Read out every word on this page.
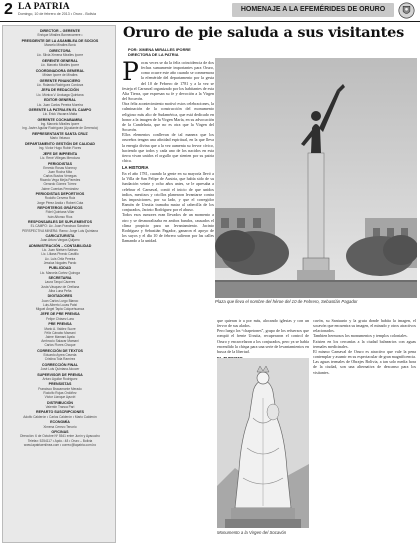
2 LA PATRIA
Domingo, 10 de febrero de 2013 • Oruro - Bolivia
HOMENAJE A LA EFEMÉRIDES DE ORURO
DIRECTOR – GERENTE
Enrique Miralles Bonnecarrere ▪
PRESIDENTE DE LA ASAMBLEA DE SOCIOS
Marcelo Miralles Bová
DIRECTORA
Lic. Silvia Ximena Miralles Iporre
GERENTE GENERAL
Lic. Marcelo Miralles Iporre
COORDINADORA GENERAL
Miriam Iporre de Miralles
GERENTE FINANCIERO
Lic. Rolando Rodríguez Cordova
JEFA DE REDACCIÓN
Lic. Mónica V. Anduaga Quintana
EDITOR GENERAL
Lic. Juan Carlos Pereira Moreira
GERENTE LA PATRIA EN EL CAMPO
Lic. Erick Viscarra Maita
GERENTE COCHABAMBA
Ing. Marcelo Miralles Iporre
Ing. Javier Aguilar Rodríguez (Ayudante de Gerencia)
REPRESENTANTE SANTA CRUZ
Mario Velasco
DEPARTAMENTO GESTIÓN DE CALIDAD
Ing. Víctor Hugo Rubín Flores
JEFE DE IMPRENTA
Lic. René Villegas Mendoza
PERIODISTAS
Ernesto Rosas Monrroy
Juan Rocha Mita
Carlos Bustos Venegas
Ricardo Vega Mejía Paredes
Gerardo Gómez Tórrez
Jaime Cuentas Fernández
PERIODISTAS DEPORTIVOS
Rodolfo Cervera Ruiz
Jorge Pérez Andía • Robert Cota
REPORTEROS GRÁFICOS
Fidel Quintana Villar
Iván Alfonso Ríos
RESPONSABLES DE SUPLEMENTOS
EL CAMPO: Lic. Juan Francisco Sánchez
PERSPECTIVA MINERA: Ramo: Jorge Luis Quintana
CARICATURISTA
Juan Arturo Vargas Quijarro
ADMINISTRACIÓN – CONTABILIDAD
Lic. Juan Nielsen Salinas
Lic. Liliana Pinedo Castillo
Lic. Luis Ortiz Pereira
Jessica Nogales Pardo
PUBLICIDAD
Lic. Marcela Cortez Quiroga
SECRETARIA
Laura Tarqui Cáceres
Justa Vásquez de Orellana
Alba Luna Peña
DIGITADORES
Juan Carlos Lurgo Blanco
Luis Alberto Lucas Patzi
Miguel Ángel Tapia Colquehuanca
JEFE DE PRE PRENSA
Felipe Chávez Lara
PRE PRENSA
Mario A. Valdez Sucre
Félix Cánabo Mamani
Jaime Mamani Ayala
Ambrocio Salazar Mamani
Carlos Flores Choque
CORRECCIÓN DE TEXTOS
Eduardo Ayrea Caveda
Cristina Tola Ramírez
CORRECCIÓN FINAL
José Luis Quintana Alcocer
SUPERVISOR DE PRENSA
Arturo Aguilar Rodríguez
PRENSISTAS
Francisco Bracamonte Merado
Rodolfo Rojas Ordóñez
Víctor Llanque Ayuviri
DISTRIBUCIÓN
Valentín Tranca Pari
REPARTO SUSCRIPCIONES
Adolfo Calderón • Carlos Calderón • Mario Calderón
ECONOMÍA
Ximena Cerezo Tenorio
OFICINAS
Dirección: 6 de Octubre Nº 5541 entre Junín y Ayacucho
Telefax: 5254117 • Apdo.: 48 • Oruro – Bolivia
www.lapatriaenlinea.com • correo@lapatria.com.bo
Oruro de pie saluda a sus visitantes
POR: XIMENA MIRALLES IPORRE
DIRECTORA DE LA PATRIA

Pocas veces se da la feliz coincidencia de dos fechas sumamente importantes para Oruro, como ocurre este año cuando se conmemora la efeméride del departamento por la gesta del 10 de Febrero de 1781 y a la vez se festeja el Carnaval organizado por los habitantes de esta Alta Tierra, que expresan su fe y devoción a la Virgen del Socavón.

Otra feliz acontecimiento motivó estos celebraciones, la culminación de la construcción del monumento religioso más alto de Sudamérica, que está dedicado en honor a la imagen de la Virgen María, en su advocación de la Candelaria, que no es otra que la Virgen del Socavón.

Ellos elementos conllevan de tal manera que los orureños tengan una afinidad espiritual, en la que lleva la energía divina que a la vez aumenta su fervor cívico, haciendo que todos y cada uno de los nacidos en esta tierra vivan unidos el orgullo que sienten por su patria chica.

LA HISTORIA

En el año 1781, cuando la gente en su mayoría llevó a la Villa de San Felipe de Austria, que había sido de su fundación veinte y ocho años antes, se le apresaba a celebrar el Carnaval, contó el inicio de que unidos indios, mestizos y criollos planearon levantarse contra las imposiciones, por su lado, y que el corregidor Ramón de Urrutia tramaba matar al cabecilla de los conjurados, Jacinto Rodríguez por el abuso.

Todos esos rumores eran llevados de un momento a otro y se desmoralizaba en ambos bandos, causados el clima propicio para un levantamiento. Jacinto Rodríguez y Sebastián Pagador, ganaron el apoyo de los suyos y el día 10 de febrero salieron por las calles llamando a la unidad.

Plaza que lleva el nombre del héroe del 10 de Febrero, Sebastián Pagador

que quieran ir a por más, alocando iglesias y con un fervor de sus alados.

Pero luego los “chapetones”, grupo de los refuerzos que rompió el frente Urrutia, recuperaron el control de Oruro y encarcelaron a los conjurados, pero ya se había encendido la chispa para una serie de levantamientos en busca de la libertad.

Monumento a la Virgen del Socavón

cavón, su Santuario y la gruta donde habita la imagen, el socavón que encuentra su imagen, el minado y otros atractivos relacionados.

Tambien hermosos los monumentos y templos coloniales.

Existen en los cercanías a la ciudad balnearios con aguas termales medicinales.

El mismo Carnaval de Oruro es atractivo que vale la pena contemplar y asumir en su espectacular de gran magnificencia. Las aguas termales de Obrajes Bolivia, a tan solo media hora de la ciudad, son una alternativa de descanso para los visitantes.
